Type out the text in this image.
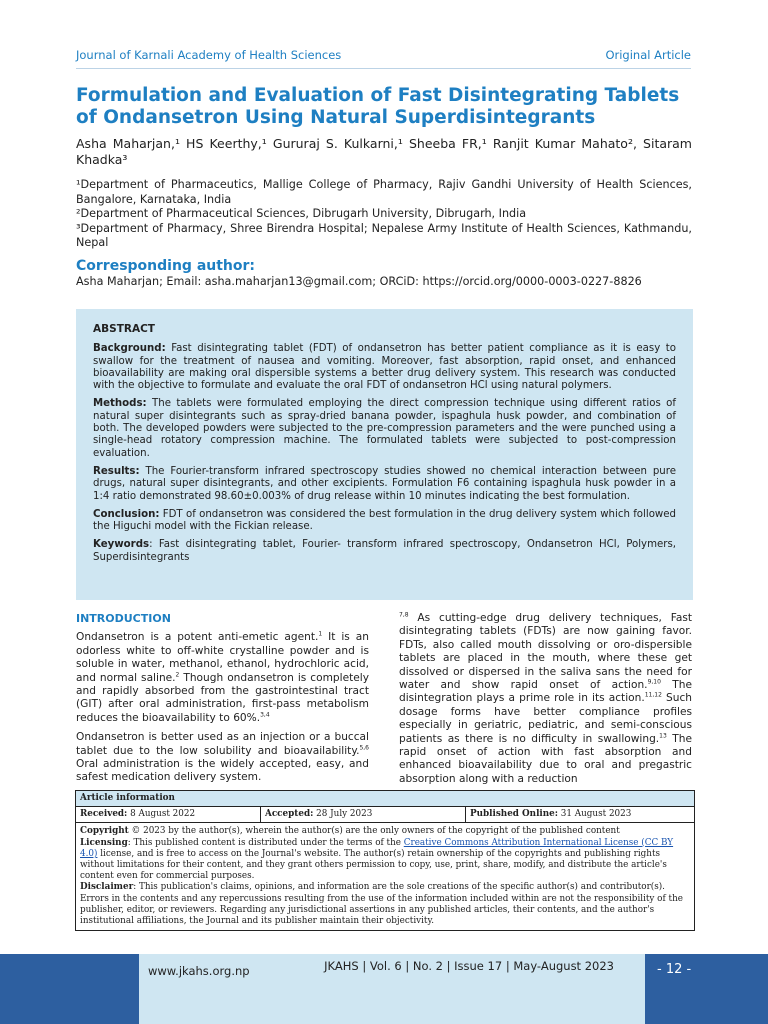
Journal of Karnali Academy of Health Sciences	Original Article
Formulation and Evaluation of Fast Disintegrating Tablets of Ondansetron Using Natural Superdisintegrants
Asha Maharjan,¹ HS Keerthy,¹ Gururaj S. Kulkarni,¹ Sheeba FR,¹ Ranjit Kumar Mahato², Sitaram Khadka³
¹Department of Pharmaceutics, Mallige College of Pharmacy, Rajiv Gandhi University of Health Sciences, Bangalore, Karnataka, India
²Department of Pharmaceutical Sciences, Dibrugarh University, Dibrugarh, India
³Department of Pharmacy, Shree Birendra Hospital; Nepalese Army Institute of Health Sciences, Kathmandu, Nepal
Corresponding author:
Asha Maharjan; Email: asha.maharjan13@gmail.com; ORCiD: https://orcid.org/0000-0003-0227-8826
ABSTRACT

Background: Fast disintegrating tablet (FDT) of ondansetron has better patient compliance as it is easy to swallow for the treatment of nausea and vomiting. Moreover, fast absorption, rapid onset, and enhanced bioavailability are making oral dispersible systems a better drug delivery system. This research was conducted with the objective to formulate and evaluate the oral FDT of ondansetron HCl using natural polymers.

Methods: The tablets were formulated employing the direct compression technique using different ratios of natural super disintegrants such as spray-dried banana powder, ispaghula husk powder, and combination of both. The developed powders were subjected to the pre-compression parameters and the were punched using a single-head rotatory compression machine. The formulated tablets were subjected to post-compression evaluation.

Results: The Fourier-transform infrared spectroscopy studies showed no chemical interaction between pure drugs, natural super disintegrants, and other excipients. Formulation F6 containing ispaghula husk powder in a 1:4 ratio demonstrated 98.60±0.003% of drug release within 10 minutes indicating the best formulation.

Conclusion: FDT of ondansetron was considered the best formulation in the drug delivery system which followed the Higuchi model with the Fickian release.

Keywords: Fast disintegrating tablet, Fourier- transform infrared spectroscopy, Ondansetron HCl, Polymers, Superdisintegrants

INTRODUCTION

Ondansetron is a potent anti-emetic agent.$^1$ It is an odorless white to off-white crystalline powder and is soluble in water, methanol, ethanol, hydrochloric acid, and normal saline.$^2$ Though ondansetron is completely and rapidly absorbed from the gastrointestinal tract (GIT) after oral administration, first-pass metabolism reduces the bioavailability to 60%.$^{3,4}$

Ondansetron is better used as an injection or a buccal tablet due to the low solubility and bioavailability.$^{5,6}$ Oral administration is the widely accepted, easy, and safest medication delivery system.

$^{7,8}$ As cutting-edge drug delivery techniques, Fast disintegrating tablets (FDTs) are now gaining favor. FDTs, also called mouth dissolving or oro-dispersible tablets are placed in the mouth, where these get dissolved or dispersed in the saliva sans the need for water and show rapid onset of action.$^{9,10}$ The disintegration plays a prime role in its action.$^{11,12}$ Such dosage forms have better compliance profiles especially in geriatric, pediatric, and semi-conscious patients as there is no difficulty in swallowing.$^{13}$ The rapid onset of action with fast absorption and enhanced bioavailability due to oral and pregastric absorption along with a reduction

Article information
Received: 8 August 2022	Accepted: 28 July 2023	Published Online: 31 August 2023
Copyright © 2023 by the author(s), wherein the author(s) are the only owners of the copyright of the published content
Licensing: This published content is distributed under the terms of the Creative Commons Attribution International License (CC BY 4.0) license, and is free to access on the Journal's website. The author(s) retain ownership of the copyrights and publishing rights without limitations for their content, and they grant others permission to copy, use, print, share, modify, and distribute the article's content even for commercial purposes.
Disclaimer: This publication's claims, opinions, and information are the sole creations of the specific author(s) and contributor(s). Errors in the contents and any repercussions resulting from the use of the information included within are not the responsibility of the publisher, editor, or reviewers. Regarding any jurisdictional assertions in any published articles, their contents, and the author's institutional affiliations, the Journal and its publisher maintain their objectivity.
www.jkahs.org.np	JKAHS | Vol. 6 | No. 2 | Issue 17 | May-August 2023	- 12 -
